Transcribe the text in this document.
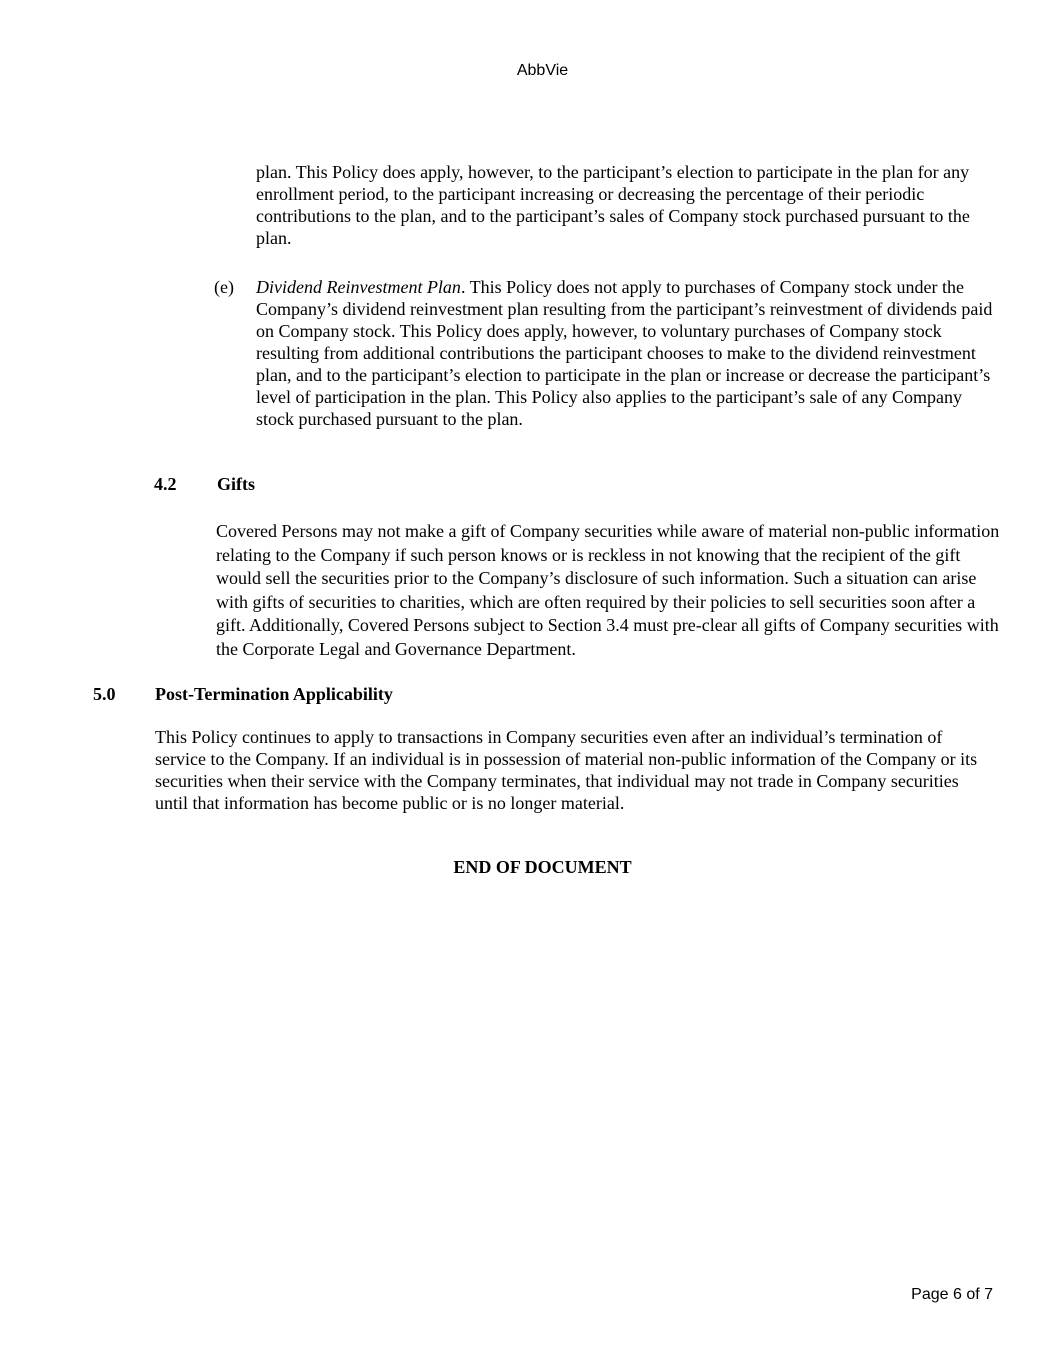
AbbVie

plan. This Policy does apply, however, to the participant’s election to participate in the plan for any enrollment period, to the participant increasing or decreasing the percentage of their periodic contributions to the plan, and to the participant’s sales of Company stock purchased pursuant to the plan.

(e) Dividend Reinvestment Plan. This Policy does not apply to purchases of Company stock under the Company’s dividend reinvestment plan resulting from the participant’s reinvestment of dividends paid on Company stock. This Policy does apply, however, to voluntary purchases of Company stock resulting from additional contributions the participant chooses to make to the dividend reinvestment plan, and to the participant’s election to participate in the plan or increase or decrease the participant’s level of participation in the plan. This Policy also applies to the participant’s sale of any Company stock purchased pursuant to the plan.

4.2 Gifts

Covered Persons may not make a gift of Company securities while aware of material non-public information relating to the Company if such person knows or is reckless in not knowing that the recipient of the gift would sell the securities prior to the Company’s disclosure of such information. Such a situation can arise with gifts of securities to charities, which are often required by their policies to sell securities soon after a gift. Additionally, Covered Persons subject to Section 3.4 must pre-clear all gifts of Company securities with the Corporate Legal and Governance Department.

5.0 Post-Termination Applicability

This Policy continues to apply to transactions in Company securities even after an individual’s termination of service to the Company. If an individual is in possession of material non-public information of the Company or its securities when their service with the Company terminates, that individual may not trade in Company securities until that information has become public or is no longer material.

END OF DOCUMENT
Page 6 of 7
